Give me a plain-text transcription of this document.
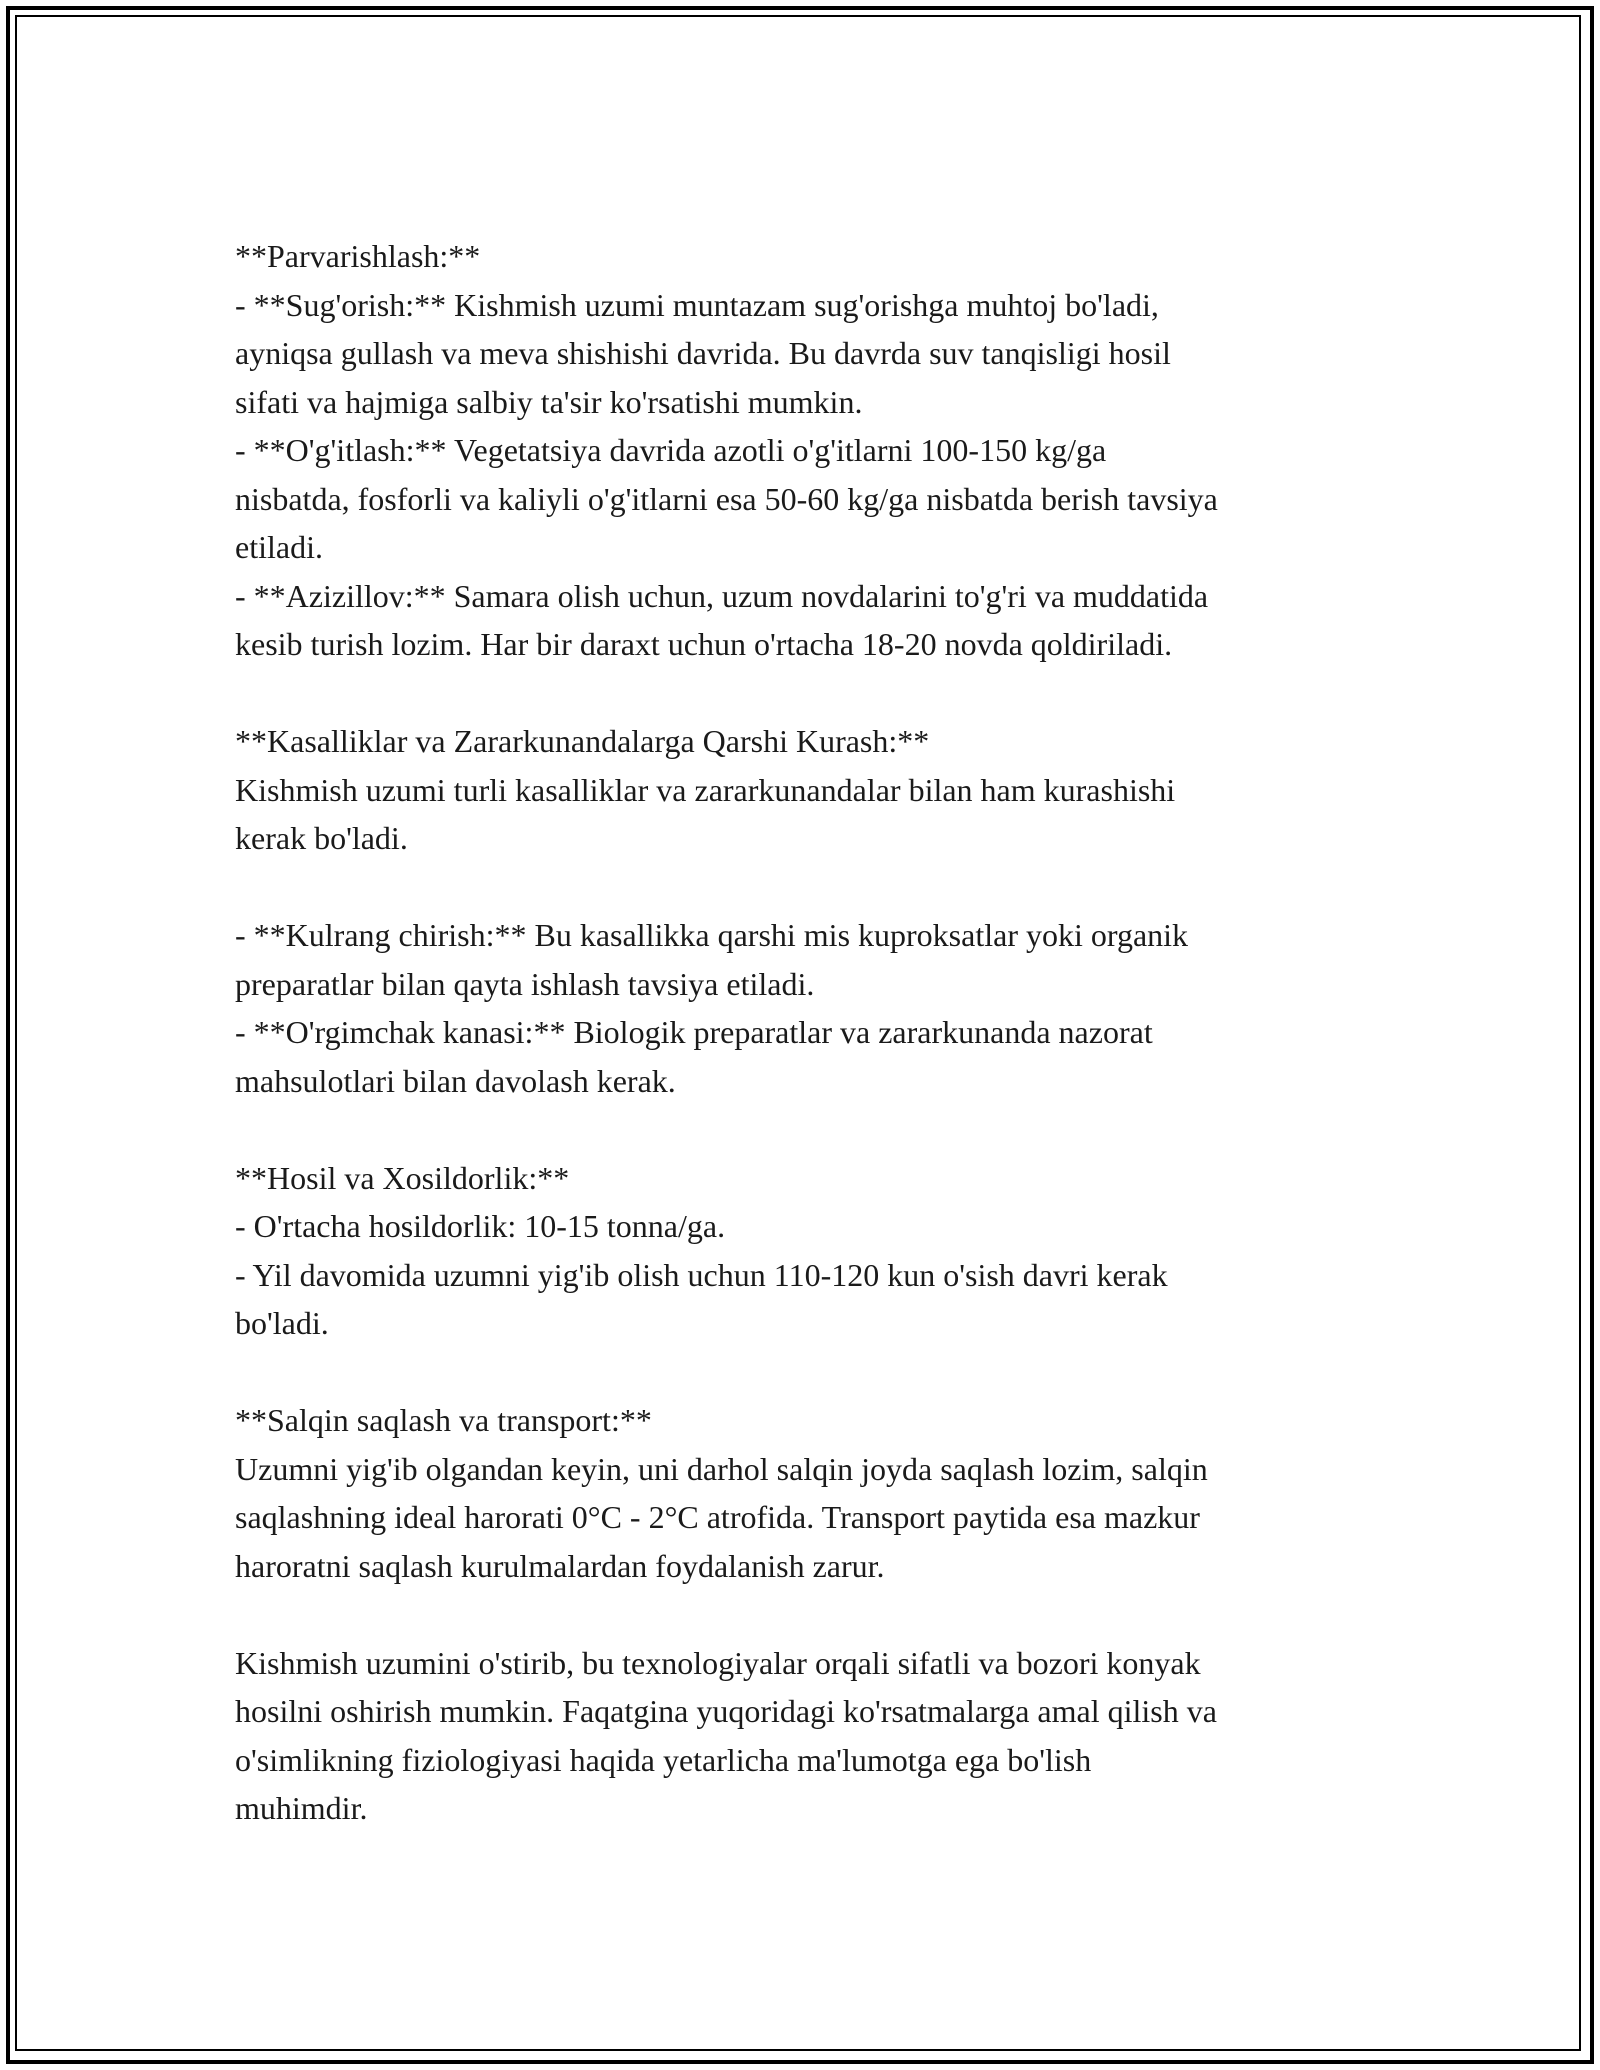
**Parvarishlash:**

- **Sug'orish:** Kishmish uzumi muntazam sug'orishga muhtoj bo'ladi,

ayniqsa gullash va meva shishishi davrida. Bu davrda suv tanqisligi hosil

sifati va hajmiga salbiy ta'sir ko'rsatishi mumkin.

- **O'g'itlash:** Vegetatsiya davrida azotli o'g'itlarni 100-150 kg/ga

nisbatda, fosforli va kaliyli o'g'itlarni esa 50-60 kg/ga nisbatda berish tavsiya

etiladi.

- **Azizillov:** Samara olish uchun, uzum novdalarini to'g'ri va muddatida

kesib turish lozim. Har bir daraxt uchun o'rtacha 18-20 novda qoldiriladi.

**Kasalliklar va Zararkunandalarga Qarshi Kurash:**

Kishmish uzumi turli kasalliklar va zararkunandalar bilan ham kurashishi

kerak bo'ladi.

- **Kulrang chirish:** Bu kasallikka qarshi mis kuproksatlar yoki organik

preparatlar bilan qayta ishlash tavsiya etiladi.

- **O'rgimchak kanasi:** Biologik preparatlar va zararkunanda nazorat

mahsulotlari bilan davolash kerak.

**Hosil va Xosildorlik:**

- O'rtacha hosildorlik: 10-15 tonna/ga.

- Yil davomida uzumni yig'ib olish uchun 110-120 kun o'sish davri kerak

bo'ladi.

**Salqin saqlash va transport:**

Uzumni yig'ib olgandan keyin, uni darhol salqin joyda saqlash lozim, salqin

saqlashning ideal harorati 0°C - 2°C atrofida. Transport paytida esa mazkur

haroratni saqlash kurulmalardan foydalanish zarur.

Kishmish uzumini o'stirib, bu texnologiyalar orqali sifatli va bozori konyak

hosilni oshirish mumkin. Faqatgina yuqoridagi ko'rsatmalarga amal qilish va

o'simlikning fiziologiyasi haqida yetarlicha ma'lumotga ega bo'lish

muhimdir.
